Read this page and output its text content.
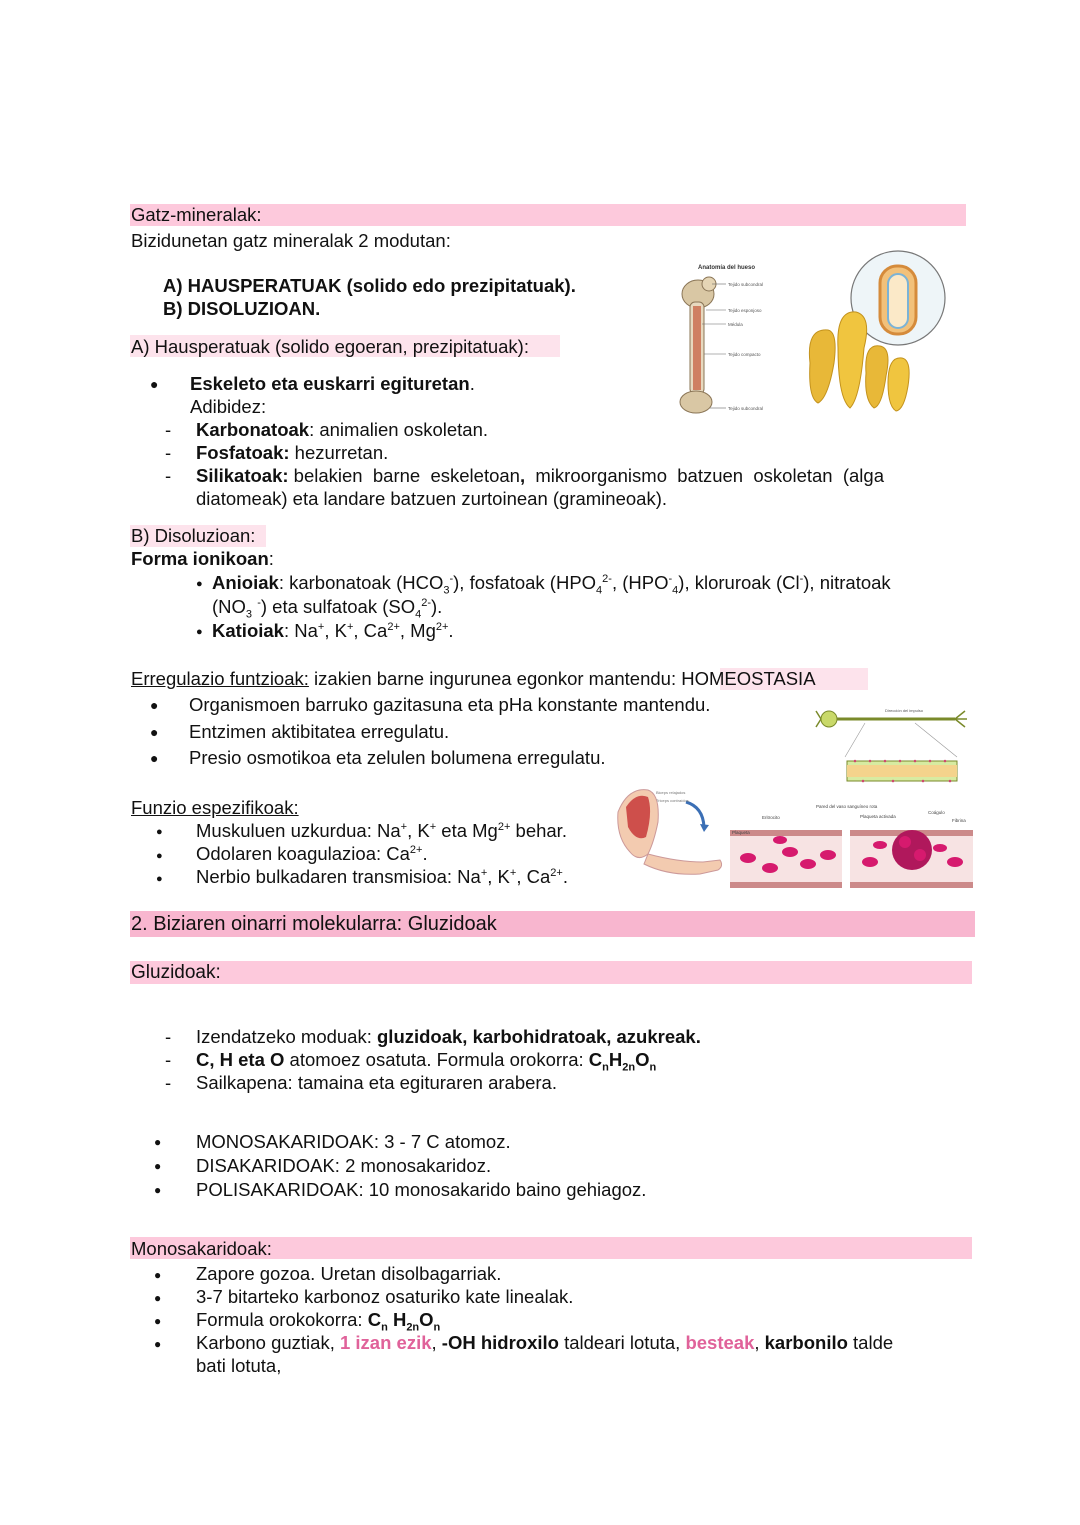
Gatz-mineralak:
Bizidunetan gatz mineralak 2 modutan:
A) HAUSPERATUAK (solido edo prezipitatuak).
B) DISOLUZIOAN.
A) Hausperatuak (solido egoeran, prezipitatuak):
● Eskeleto eta euskarri egituretan.
Adibidez:
- Karbonatoak: animalien oskoletan.
- Fosfatoak: hezurretan.
- Silikatoak: belakien  barne  eskeletoan,  mikroorganismo  batzuen  oskoletan  (alga
diatomeak) eta landare batzuen zurtoinean (gramineoak).
Anatomía del hueso
Tejido subcondral
Tejido esponjoso
Médula
Tejido compacto
Tejido subcondral
B) Disoluzioan:
Forma ionikoan:
● Anioiak: karbonatoak $(HCO_3^-)$, fosfatoak ($HPO_4^{2-}$, $(HPO^-_4)$, kloruroak (Cl-), nitratoak
($NO_3$ -) eta sulfatoak $(SO_4^{2-})$.
● Katioiak: Na+, K+, $Ca^{2+}$, $Mg^{2+}$.
Erregulazio funtzioak: izakien barne ingurunea egonkor mantendu: HOMEOSTASIA
● Organismoen barruko gazitasuna eta pHa konstante mantendu.
● Entzimen aktibitatea erregulatu.
● Presio osmotikoa eta zelulen bolumena erregulatu.
Dirección del impulso
Funzio espezifikoak:
● Muskuluen uzkurdua: Na+, K+ eta $Mg^{2+}$ behar.
● Odolaren koagulazioa: $Ca^{2+}$.
● Nerbio bulkadaren transmisioa: Na+, K+, $Ca^{2+}$.
Biceps relajados
Triceps contraídos
Eritrocito
Pared del vaso sanguíneo rota
Plaqueta
Plaqueta activada
Coágulo
Fibrina
2. Biziaren oinarri molekularra: Gluzidoak
Gluzidoak:
- Izendatzeko moduak: gluzidoak, karbohidratoak, azukreak.
- C, H eta O atomoez osatuta. Formula orokorra: $C_nH_{2n}O_n$
- Sailkapena: tamaina eta egituraren arabera.
● MONOSAKARIDOAK: 3 - 7 C atomoz.
● DISAKARIDOAK: 2 monosakaridoz.
● POLISAKARIDOAK: 10 monosakarido baino gehiagoz.
Monosakaridoak:
● Zapore gozoa. Uretan disolbagarriak.
● 3-7 bitarteko karbonoz osaturiko kate linealak.
● Formula orokokorra: $C_n$ $H_{2n}O_n$
● Karbono guztiak, 1 izan ezik, -OH hidroxilo taldeari lotuta, besteak, karbonilo talde
bati lotuta,
